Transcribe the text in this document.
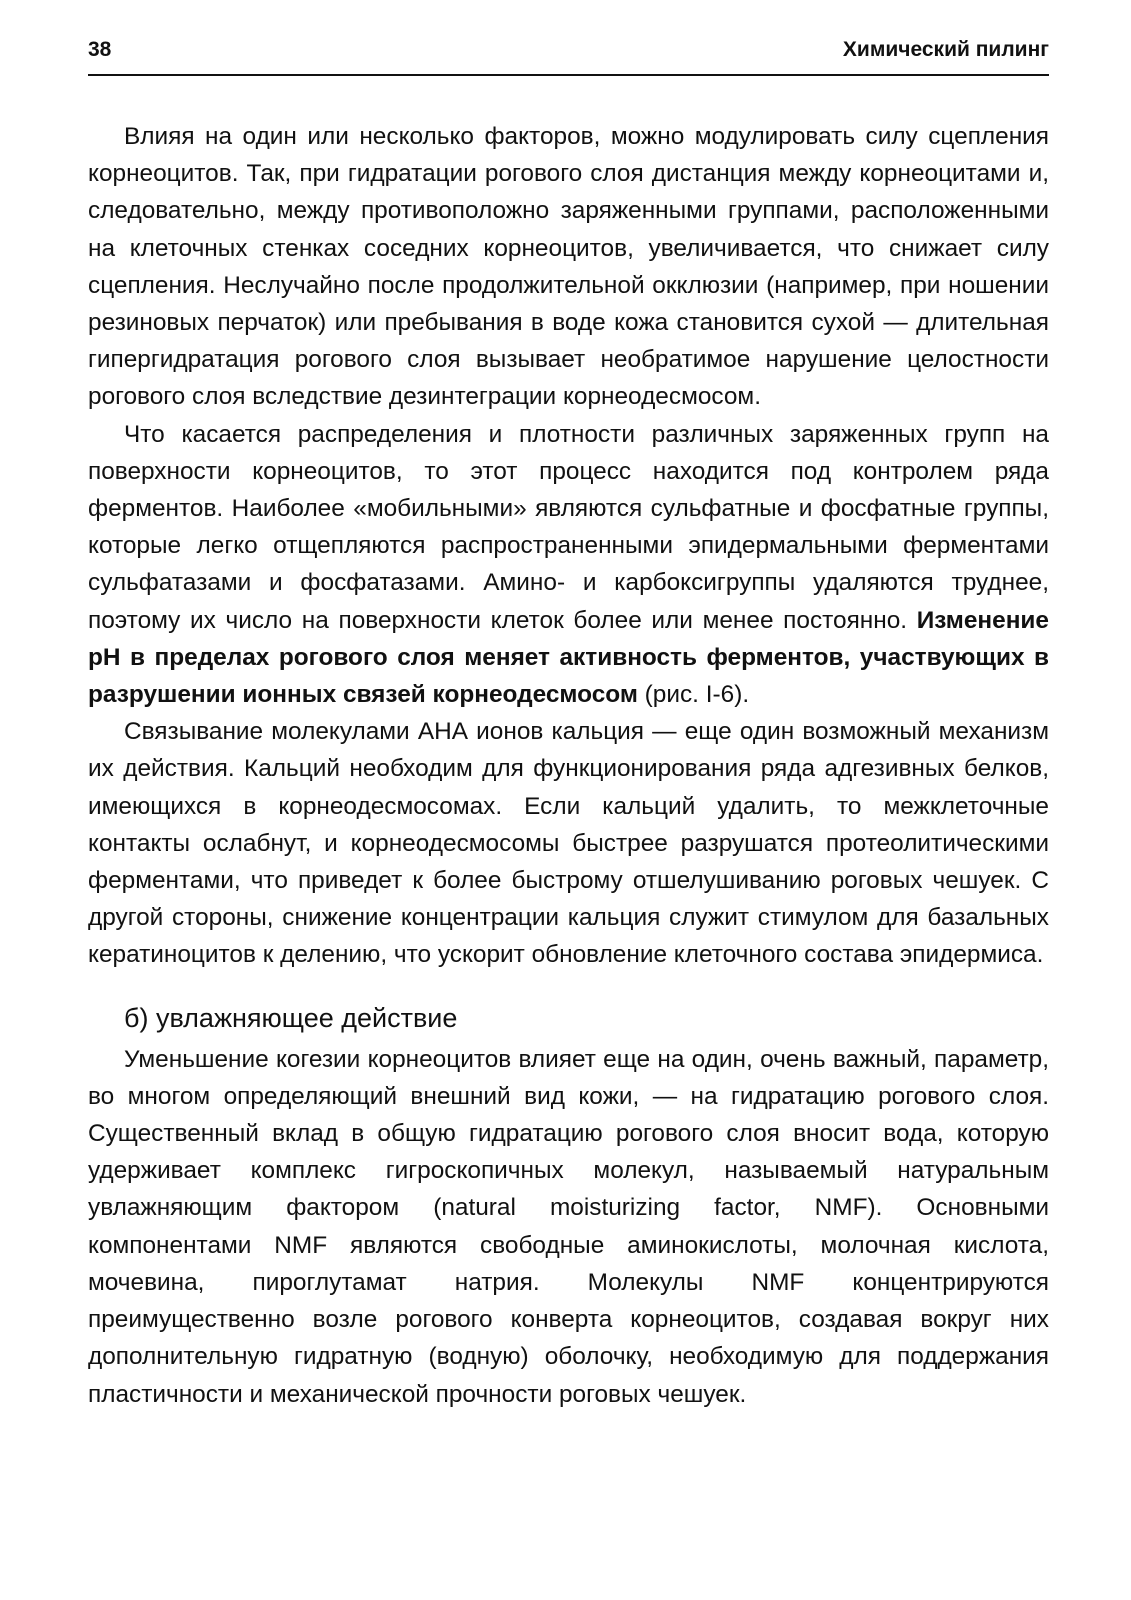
38	Химический пилинг

Влияя на один или несколько факторов, можно модулировать силу сцепления корнеоцитов. Так, при гидратации рогового слоя дистанция между корнеоцитами и, следовательно, между противоположно заряженными группами, расположенными на клеточных стенках соседних корнеоцитов, увеличивается, что снижает силу сцепления. Неслучайно после продолжительной окклюзии (например, при ношении резиновых перчаток) или пребывания в воде кожа становится сухой — длительная гипергидратация рогового слоя вызывает необратимое нарушение целостности рогового слоя вследствие дезинтеграции корнеодесмосом.

Что касается распределения и плотности различных заряженных групп на поверхности корнеоцитов, то этот процесс находится под контролем ряда ферментов. Наиболее «мобильными» являются сульфатные и фосфатные группы, которые легко отщепляются распространенными эпидермальными ферментами сульфатазами и фосфатазами. Амино- и карбоксигруппы удаляются труднее, поэтому их число на поверхности клеток более или менее постоянно. Изменение pH в пределах рогового слоя меняет активность ферментов, участвующих в разрушении ионных связей корнеодесмосом (рис. I-6).

Связывание молекулами АНА ионов кальция — еще один возможный механизм их действия. Кальций необходим для функционирования ряда адгезивных белков, имеющихся в корнеодесмосомах. Если кальций удалить, то межклеточные контакты ослабнут, и корнеодесмосомы быстрее разрушатся протеолитическими ферментами, что приведет к более быстрому отшелушиванию роговых чешуек. С другой стороны, снижение концентрации кальция служит стимулом для базальных кератиноцитов к делению, что ускорит обновление клеточного состава эпидермиса.

б) увлажняющее действие

Уменьшение когезии корнеоцитов влияет еще на один, очень важный, параметр, во многом определяющий внешний вид кожи, — на гидратацию рогового слоя. Существенный вклад в общую гидратацию рогового слоя вносит вода, которую удерживает комплекс гигроскопичных молекул, называемый натуральным увлажняющим фактором (natural moisturizing factor, NMF). Основными компонентами NMF являются свободные аминокислоты, молочная кислота, мочевина, пироглутамат натрия. Молекулы NMF концентрируются преимущественно возле рогового конверта корнеоцитов, создавая вокруг них дополнительную гидратную (водную) оболочку, необходимую для поддержания пластичности и механической прочности роговых чешуек.
